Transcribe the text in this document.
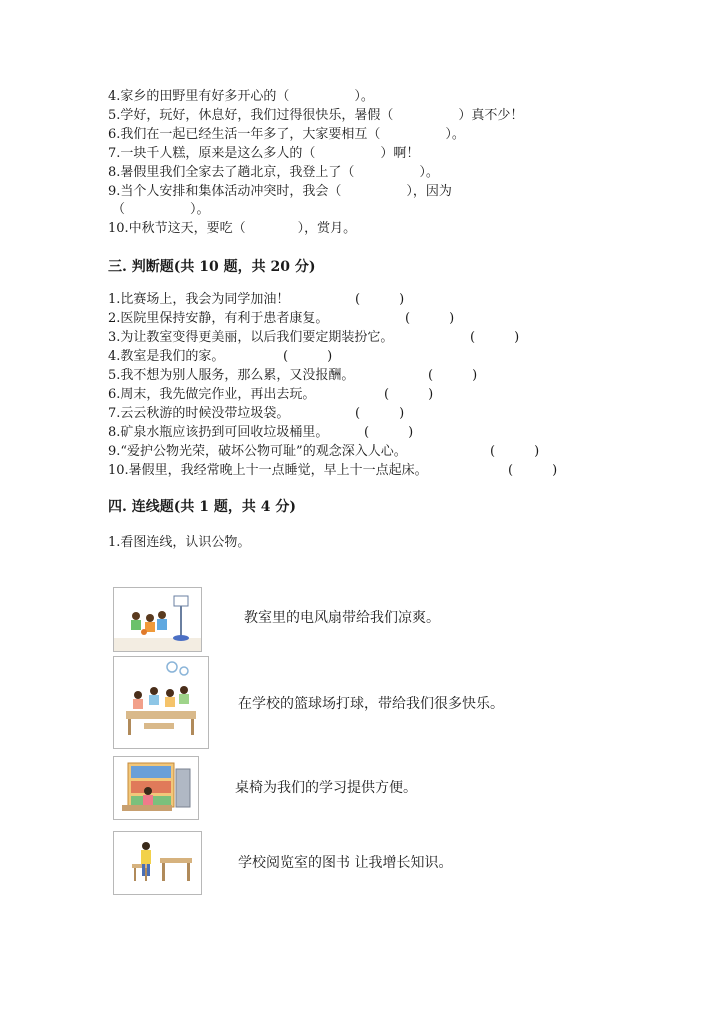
4.家乡的田野里有好多开心的（　　　　　）。
5.学好，玩好，休息好，我们过得很快乐，暑假（　　　　　）真不少！
6.我们在一起已经生活一年多了，大家要相互（　　　　　）。
7.一块千人糕，原来是这么多人的（　　　　　）啊！
8.暑假里我们全家去了趟北京，我登上了（　　　　　）。
9.当个人安排和集体活动冲突时，我会（　　　　　），因为
（　　　　　）。
10.中秋节这天，要吃（　　　　），赏月。
三. 判断题(共 10 题，共 20 分)
1.比赛场上，我会为同学加油！	(　　　)
2.医院里保持安静，有利于患者康复。	(　　　)
3.为让教室变得更美丽，以后我们要定期装扮它。	(　　　)
4.教室是我们的家。	(　　　)
5.我不想为别人服务，那么累，又没报酬。	(　　　)
6.周末，我先做完作业，再出去玩。	(　　　)
7.云云秋游的时候没带垃圾袋。	(　　　)
8.矿泉水瓶应该扔到可回收垃圾桶里。	(　　　)
9.“爱护公物光荣，破坏公物可耻”的观念深入人心。	(　　　)
10.暑假里，我经常晚上十一点睡觉，早上十一点起床。	(　　　)
四. 连线题(共 1 题，共 4 分)
1.看图连线，认识公物。
教室里的电风扇带给我们凉爽。
在学校的篮球场打球，带给我们很多快乐。
桌椅为我们的学习提供方便。
学校阅览室的图书 让我增长知识。
